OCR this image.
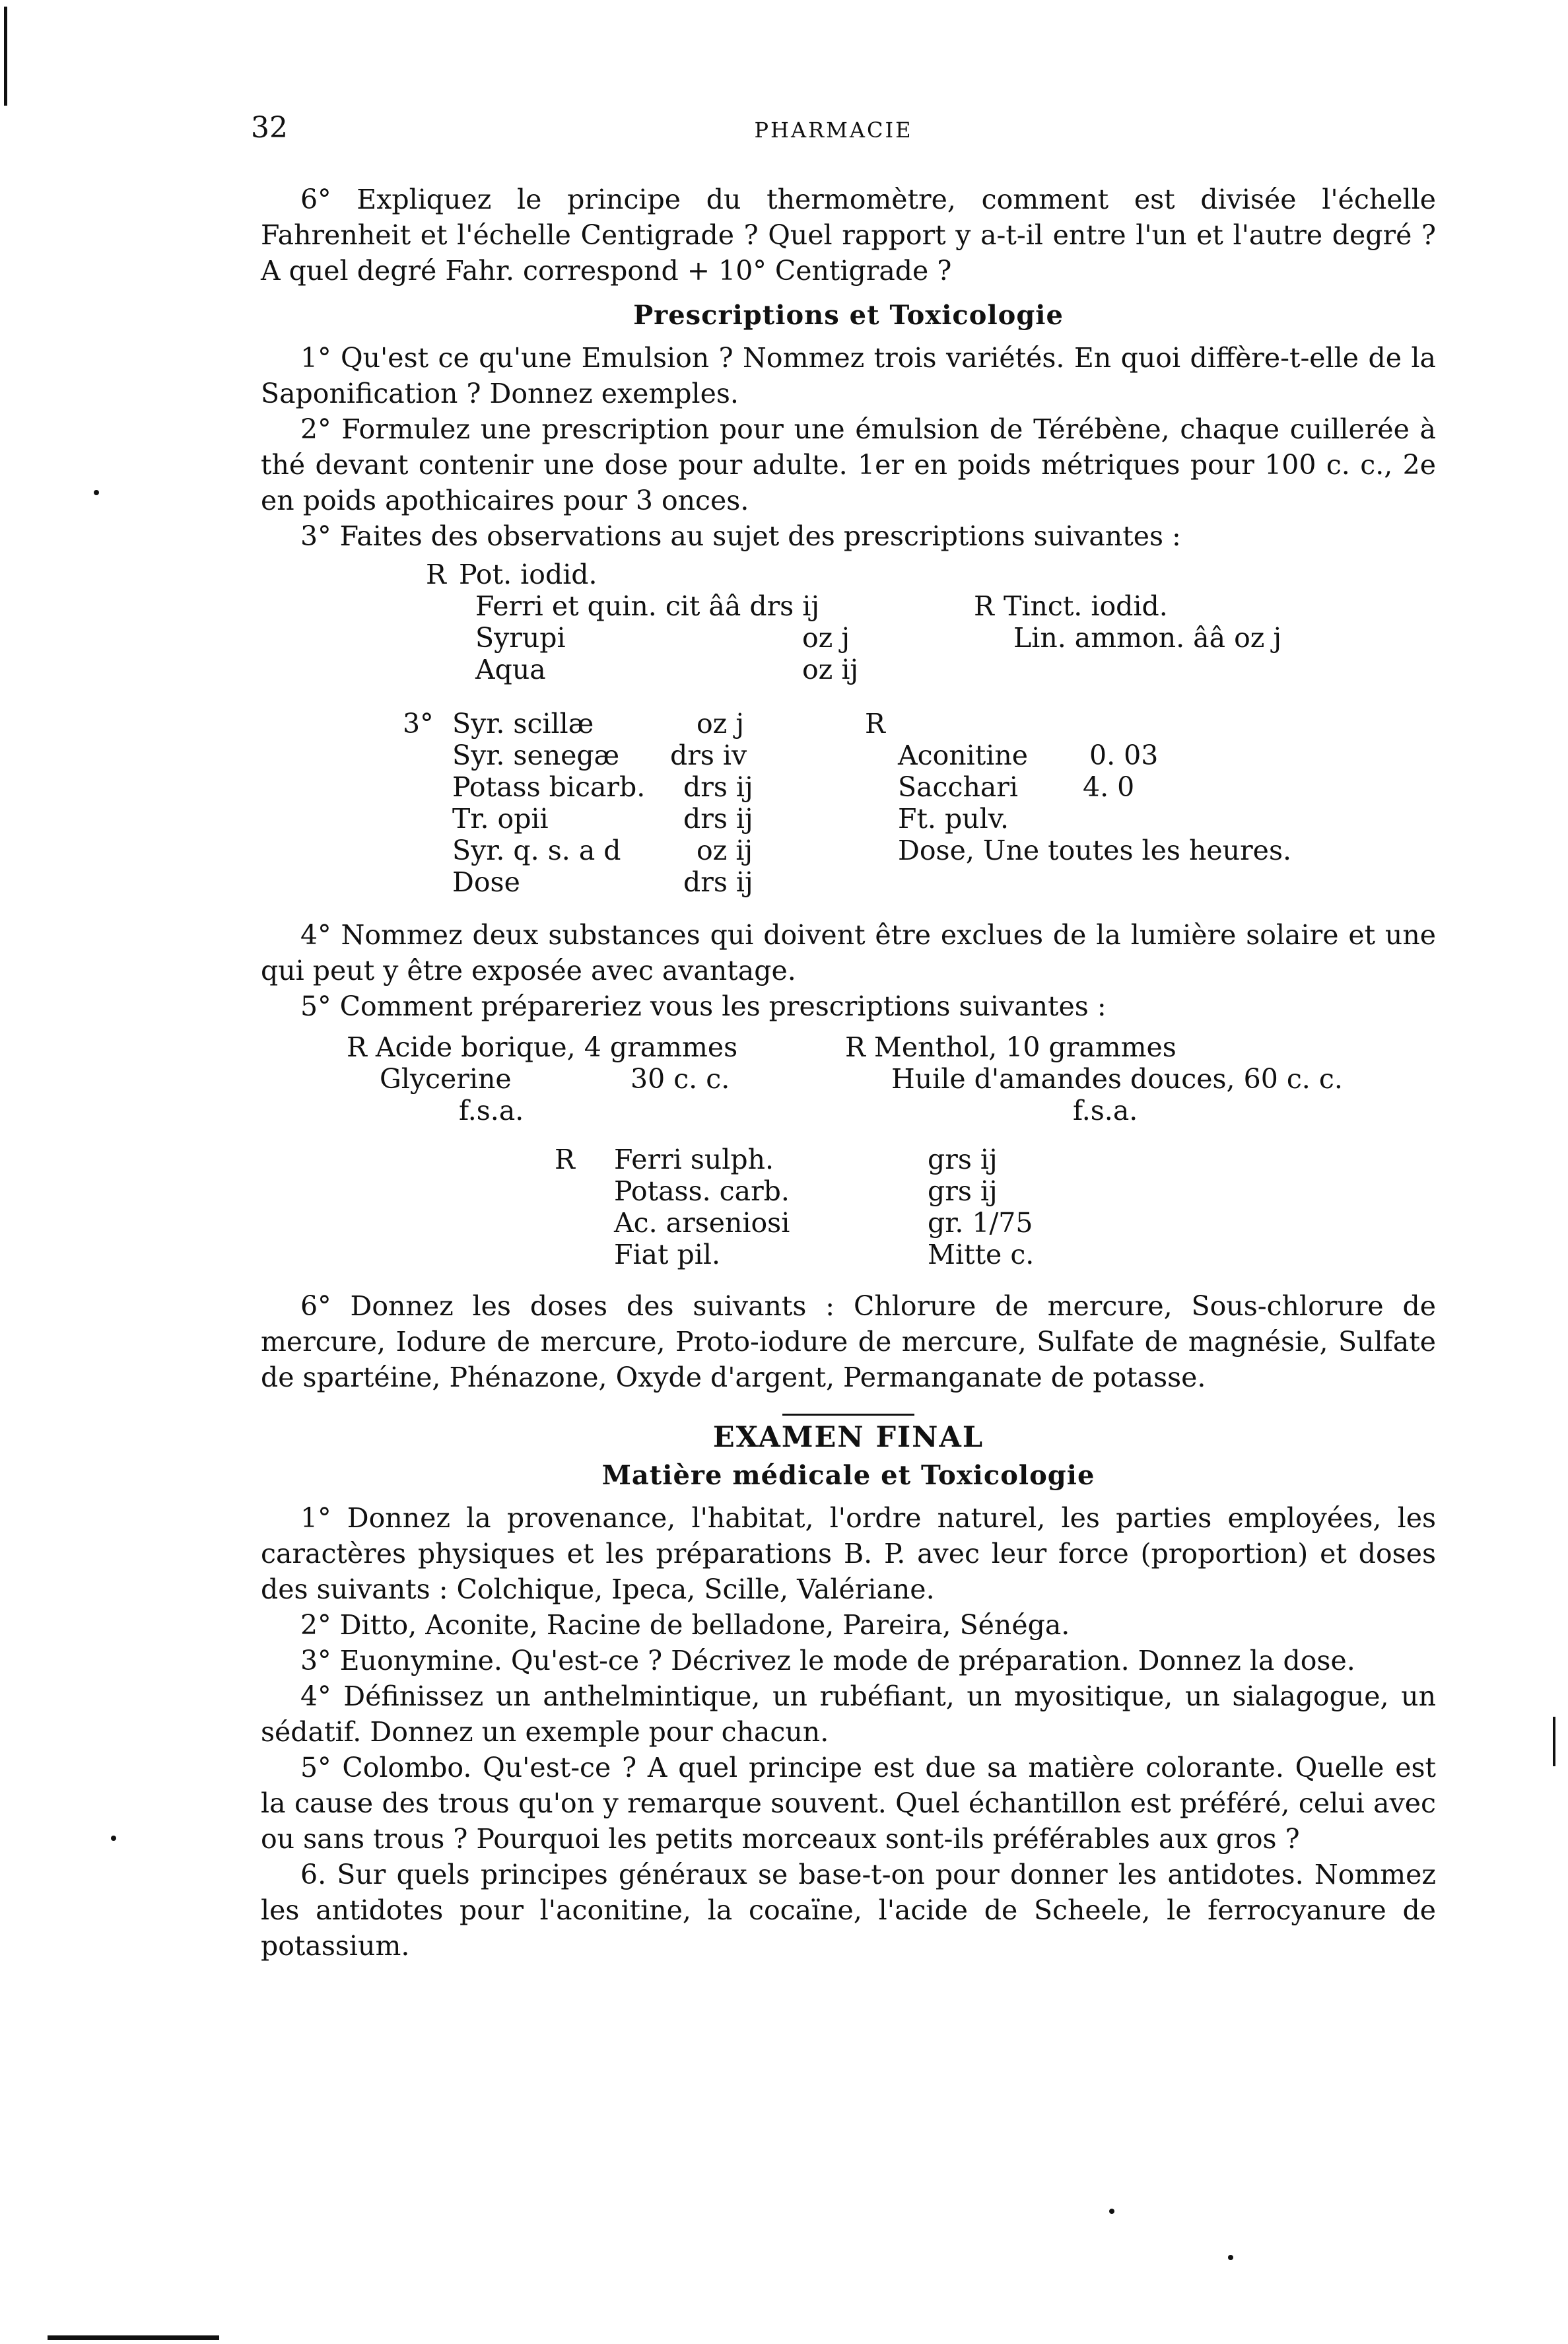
32	PHARMACIE

6° Expliquez le principe du thermomètre, comment est divisée l'échelle Fahrenheit et l'échelle Centigrade ? Quel rapport y a-t-il entre l'un et l'autre degré ? A quel degré Fahr. correspond + 10° Centigrade ?

Prescriptions et Toxicologie

1° Qu'est ce qu'une Emulsion ? Nommez trois variétés. En quoi diffère-t-elle de la Saponification ? Donnez exemples.

2° Formulez une prescription pour une émulsion de Térébène, chaque cuillerée à thé devant contenir une dose pour adulte. 1er en poids métriques pour 100 c. c., 2e en poids apothicaires pour 3 onces.

3° Faites des observations au sujet des prescriptions suivantes :

R Pot. iodid.
Ferri et quin. cit ââ drs ij
Syrupi	oz j
Aqua	oz ij
R Tinct. iodid.
Lin. ammon. ââ oz j
3° Syr. scillæ	oz j
Syr. senegæ drs iv
Potass bicarb. drs ij
Tr. opii	drs ij
Syr. q. s. a d	oz ij
Dose	drs ij
R
Aconitine 0. 03
Sacchari 4. 0
Ft. pulv.
Dose, Une toutes les heures.

4° Nommez deux substances qui doivent être exclues de la lumière solaire et une qui peut y être exposée avec avantage.

5° Comment prépareriez vous les prescriptions suivantes :

R Acide borique, 4 grammes
Glycerine	30 c. c.
f.s.a.
R Menthol, 10 grammes
Huile d'amandes douces, 60 c. c.
f.s.a.
R Ferri sulph.	grs ij
Potass. carb.	grs ij
Ac. arseniosi	gr. 1/75
Fiat pil.	Mitte c.

6° Donnez les doses des suivants : Chlorure de mercure, Sous-chlorure de mercure, Iodure de mercure, Proto-iodure de mercure, Sulfate de magnésie, Sulfate de spartéine, Phénazone, Oxyde d'argent, Permanganate de potasse.

EXAMEN FINAL
Matière médicale et Toxicologie

1° Donnez la provenance, l'habitat, l'ordre naturel, les parties employées, les caractères physiques et les préparations B. P. avec leur force (proportion) et doses des suivants : Colchique, Ipeca, Scille, Valériane.

2° Ditto, Aconite, Racine de belladone, Pareira, Sénéga.

3° Euonymine. Qu'est-ce ? Décrivez le mode de préparation. Donnez la dose.

4° Définissez un anthelmintique, un rubéfiant, un myositique, un sialagogue, un sédatif. Donnez un exemple pour chacun.

5° Colombo. Qu'est-ce ? A quel principe est due sa matière colorante. Quelle est la cause des trous qu'on y remarque souvent. Quel échantillon est préféré, celui avec ou sans trous ? Pourquoi les petits morceaux sont-ils préférables aux gros ?

6. Sur quels principes généraux se base-t-on pour donner les antidotes. Nommez les antidotes pour l'aconitine, la cocaïne, l'acide de Scheele, le ferrocyanure de potassium.
